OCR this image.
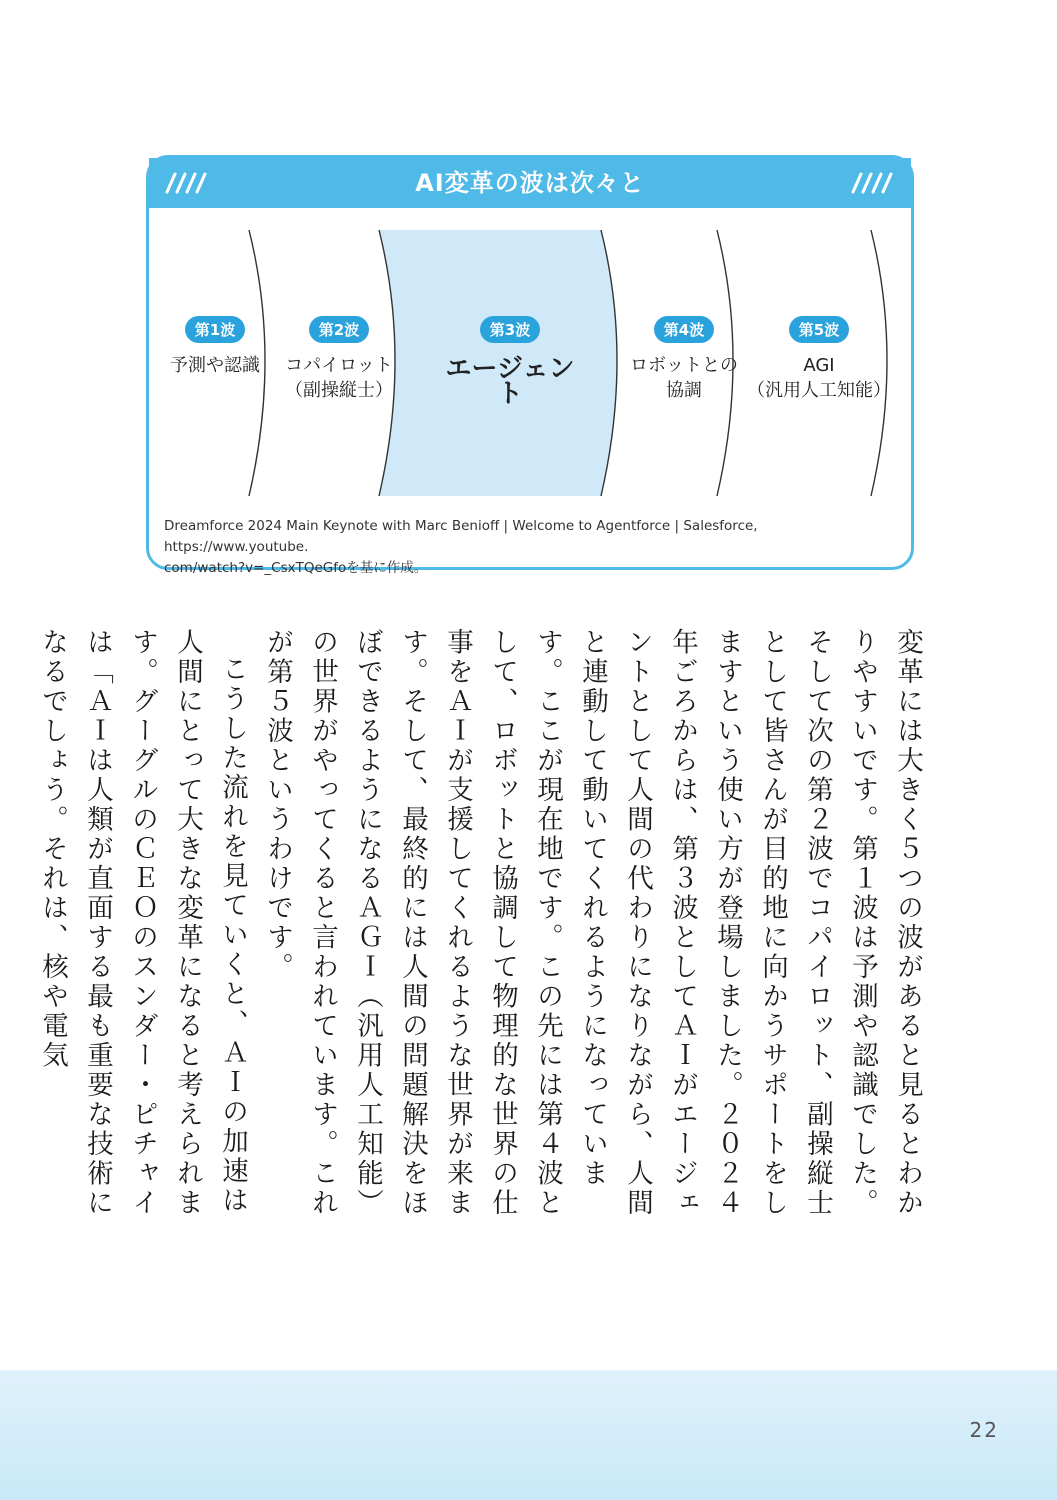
AI変革の波は次々と
第1波
予測や認識
第2波
コパイロット
（副操縦士）
第3波
エージェント
第4波
ロボットとの
協調
第5波
AGI
（汎用人工知能）
Dreamforce 2024 Main Keynote with Marc Benioff | Welcome to Agentforce | Salesforce, https://www.youtube.
com/watch?v=_CsxTQeGfoを基に作成。

変革には大きく５つの波があると見るとわかりやすいです。第１波は予測や認識でした。そして次の第２波でコパイロット、副操縦士として皆さんが目的地に向かうサポートをしますという使い方が登場しました。２０２４年ごろからは、第３波としてＡＩがエージェントとして人間の代わりになりながら、人間と連動して動いてくれるようになっています。ここが現在地です。この先には第４波として、ロボットと協調して物理的な世界の仕事をＡＩが支援してくれるような世界が来ます。そして、最終的には人間の問題解決をほぼできるようになるＡＧＩ（汎用人工知能）の世界がやってくると言われています。これが第５波というわけです。

こうした流れを見ていくと、ＡＩの加速は人間にとって大きな変革になると考えられます。グーグルのＣＥＯのスンダー・ピチャイは「ＡＩは人類が直面する最も重要な技術になるでしょう。それは、核や電気

22
